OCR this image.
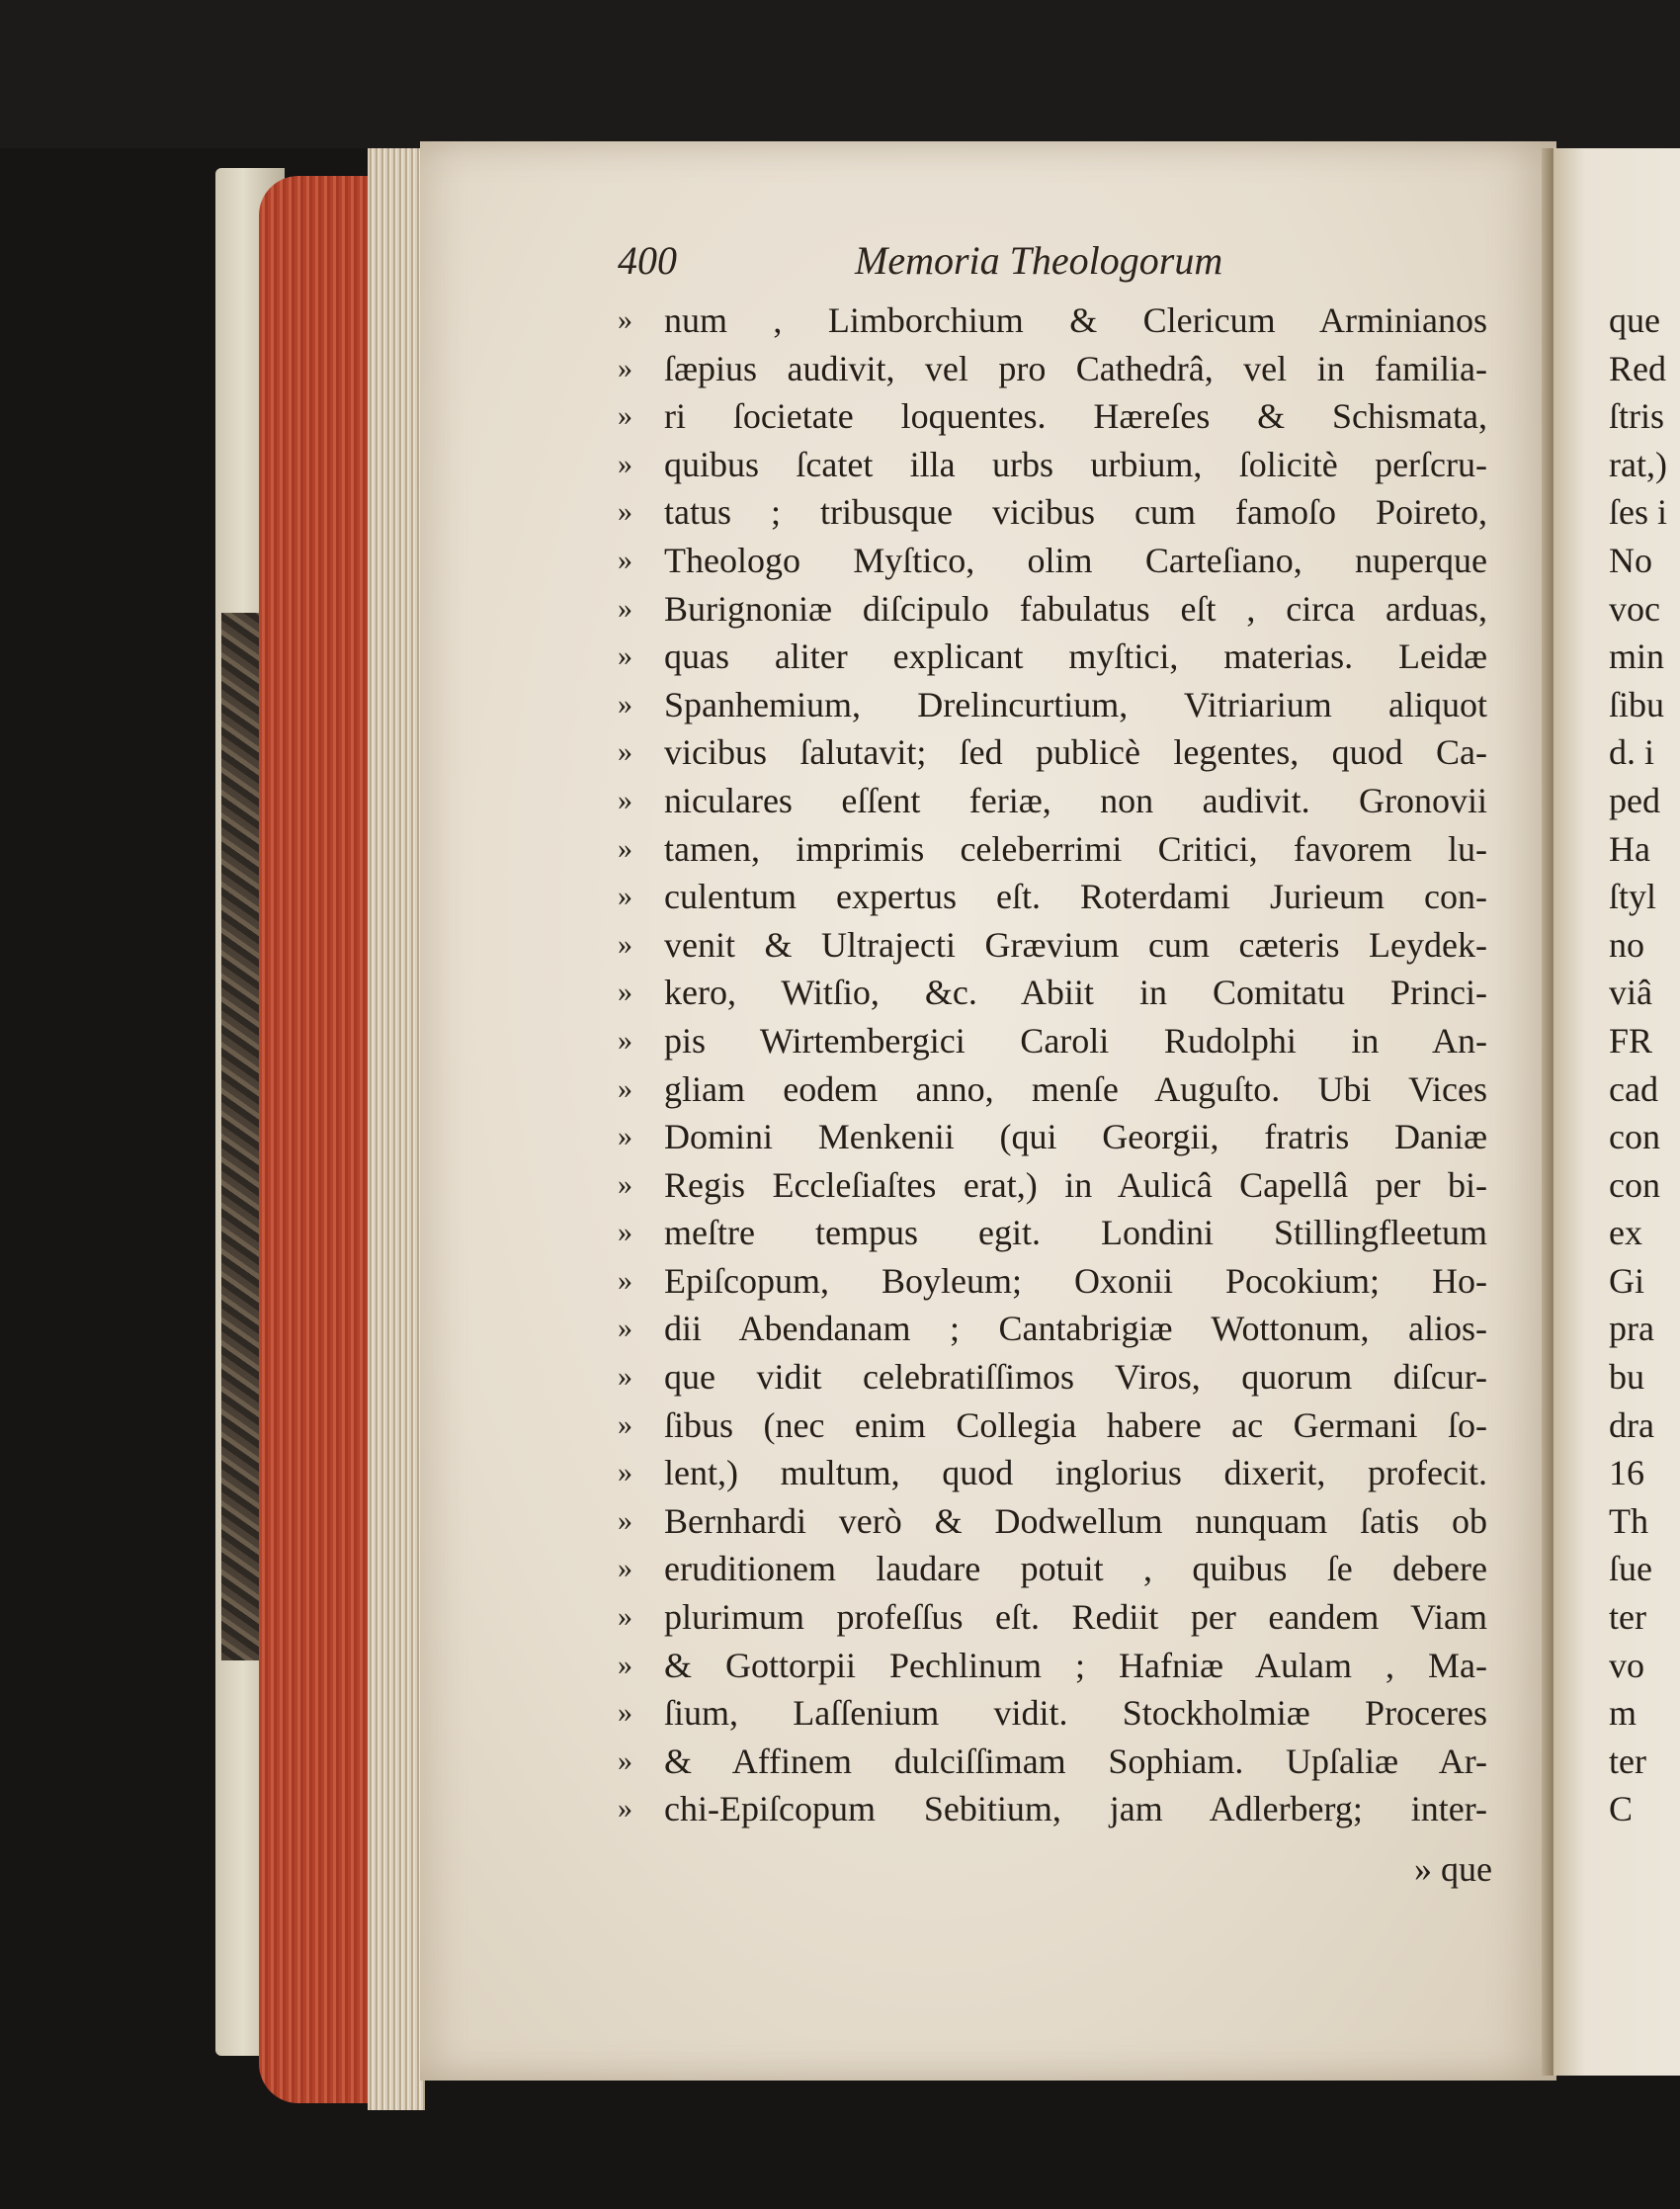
400	Memoria Theologorum
» num , Limborchium & Clericum Arminianos
» ſæpius audivit, vel pro Cathedrâ, vel in familia-
» ri ſocietate loquentes. Hæreſes & Schismata,
» quibus ſcatet illa urbs urbium, ſolicitè perſcru-
» tatus ; tribusque vicibus cum famoſo Poireto,
» Theologo Myſtico, olim Carteſiano, nuperque
» Burignoniæ diſcipulo fabulatus eſt , circa arduas,
» quas aliter explicant myſtici, materias. Leidæ
» Spanhemium, Drelincurtium, Vitriarium aliquot
» vicibus ſalutavit; ſed publicè legentes, quod Ca-
» niculares eſſent feriæ, non audivit. Gronovii
» tamen, imprimis celeberrimi Critici, favorem lu-
» culentum expertus eſt. Roterdami Jurieum con-
» venit & Ultrajecti Grævium cum cæteris Leydek-
» kero, Witſio, &c. Abiit in Comitatu Princi-
» pis Wirtembergici Caroli Rudolphi in An-
» gliam eodem anno, menſe Auguſto. Ubi Vices
» Domini Menkenii (qui Georgii, fratris Daniæ
» Regis Eccleſiaſtes erat,) in Aulicâ Capellâ per bi-
» meſtre tempus egit. Londini Stillingfleetum
» Epiſcopum, Boyleum; Oxonii Pocokium; Ho-
» dii Abendanam ; Cantabrigiæ Wottonum, alios-
» que vidit celebratiſſimos Viros, quorum diſcur-
» ſibus (nec enim Collegia habere ac Germani ſo-
» lent,) multum, quod inglorius dixerit, profecit.
» Bernhardi verò & Dodwellum nunquam ſatis ob
» eruditionem laudare potuit , quibus ſe debere
» plurimum profeſſus eſt. Rediit per eandem Viam
» & Gottorpii Pechlinum ; Hafniæ Aulam , Ma-
» ſium, Laſſenium vidit. Stockholmiæ Proceres
» & Affinem dulciſſimam Sophiam. Upſaliæ Ar-
» chi-Epiſcopum Sebitium, jam Adlerberg; inter-
» que
que
Red
ſtris
rat,)
ſes i
No
voc
min
ſibu
d. i
ped
Ha
ſtyl
no
viâ
FR
cad
con
con
ex
Gi
pra
bu
dra
16
Th
ſue
ter
vo
m
ter
C
